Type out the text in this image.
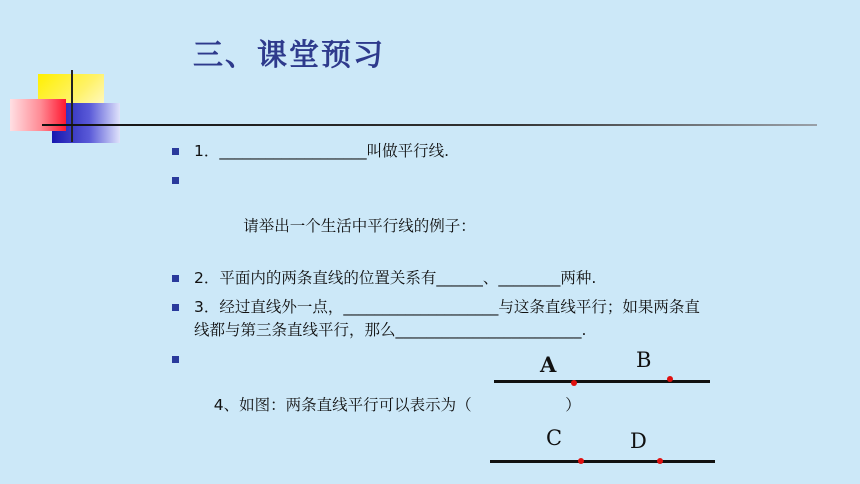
三、课堂预习
1．___________________叫做平行线.

请举出一个生活中平行线的例子：

2．平面内的两条直线的位置关系有______、________两种.
3．经过直线外一点，____________________与这条直线平行；如果两条直线都与第三条直线平行，那么________________________.

4、如图：两条直线平行可以表示为（                   ）

A	B
C	D
